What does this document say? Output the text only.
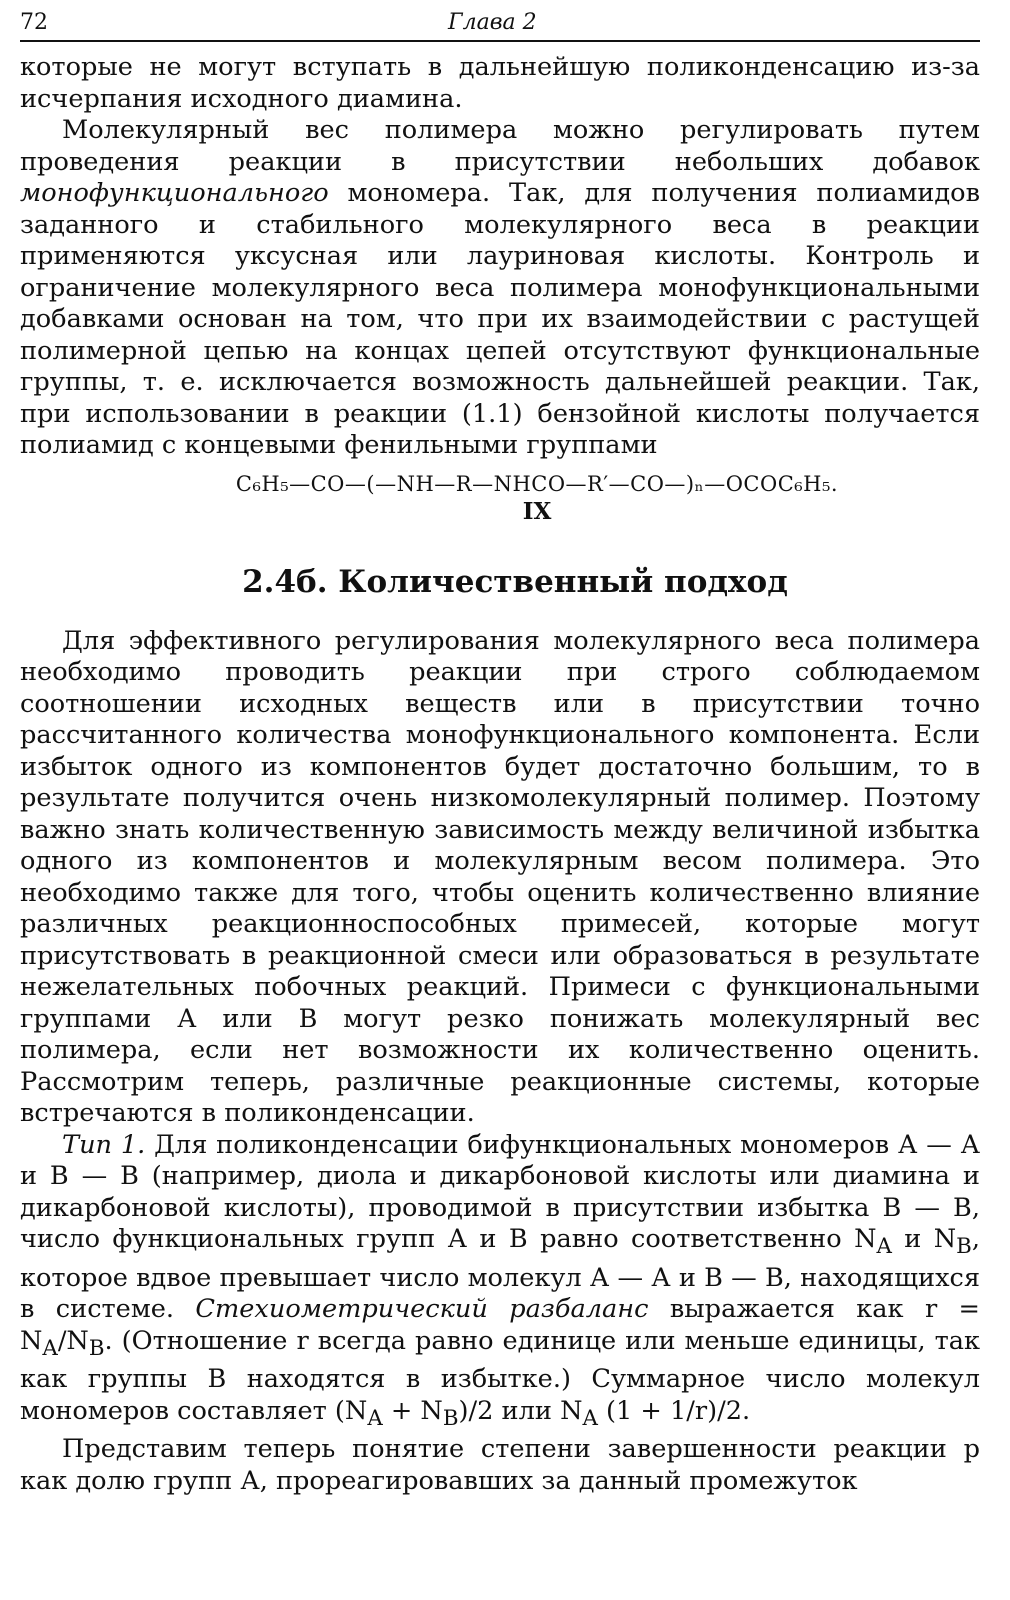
72	Глава 2

которые не могут вступать в дальнейшую поликонденсацию из-за исчерпания исходного диамина.

Молекулярный вес полимера можно регулировать путем проведения реакции в присутствии небольших добавок монофункционального мономера. Так, для получения полиамидов заданного и стабильного молекулярного веса в реакции применяются уксусная или лауриновая кислоты. Контроль и ограничение молекулярного веса полимера монофункциональными добавками основан на том, что при их взаимодействии с растущей полимерной цепью на концах цепей отсутствуют функциональные группы, т. е. исключается возможность дальнейшей реакции. Так, при использовании в реакции (1.1) бензойной кислоты получается полиамид с концевыми фенильными группами

C₆H₅—CO—(—NH—R—NHCO—R′—CO—)ₙ—OCOC₆H₅.
IX
2.4б. Количественный подход

Для эффективного регулирования молекулярного веса полимера необходимо проводить реакции при строго соблюдаемом соотношении исходных веществ или в присутствии точно рассчитанного количества монофункционального компонента. Если избыток одного из компонентов будет достаточно большим, то в результате получится очень низкомолекулярный полимер. Поэтому важно знать количественную зависимость между величиной избытка одного из компонентов и молекулярным весом полимера. Это необходимо также для того, чтобы оценить количественно влияние различных реакционноспособных примесей, которые могут присутствовать в реакционной смеси или образоваться в результате нежелательных побочных реакций. Примеси с функциональными группами А или В могут резко понижать молекулярный вес полимера, если нет возможности их количественно оценить. Рассмотрим теперь, различные реакционные системы, которые встречаются в поликонденсации.

Тип 1. Для поликонденсации бифункциональных мономеров А — А и В — В (например, диола и дикарбоновой кислоты или диамина и дикарбоновой кислоты), проводимой в присутствии избытка В — В, число функциональных групп А и В равно соответственно $N_A$ и $N_B$, которое вдвое превышает число молекул А — А и В — В, находящихся в системе. Стехиометрический разбаланс выражается как $r = N_A/N_B$. (Отношение r всегда равно единице или меньше единицы, так как группы В находятся в избытке.) Суммарное число молекул мономеров составляет $(N_A + N_B)/2$ или $N_A$ (1 + 1/r)/2.

Представим теперь понятие степени завершенности реакции p как долю групп А, прореагировавших за данный промежуток
